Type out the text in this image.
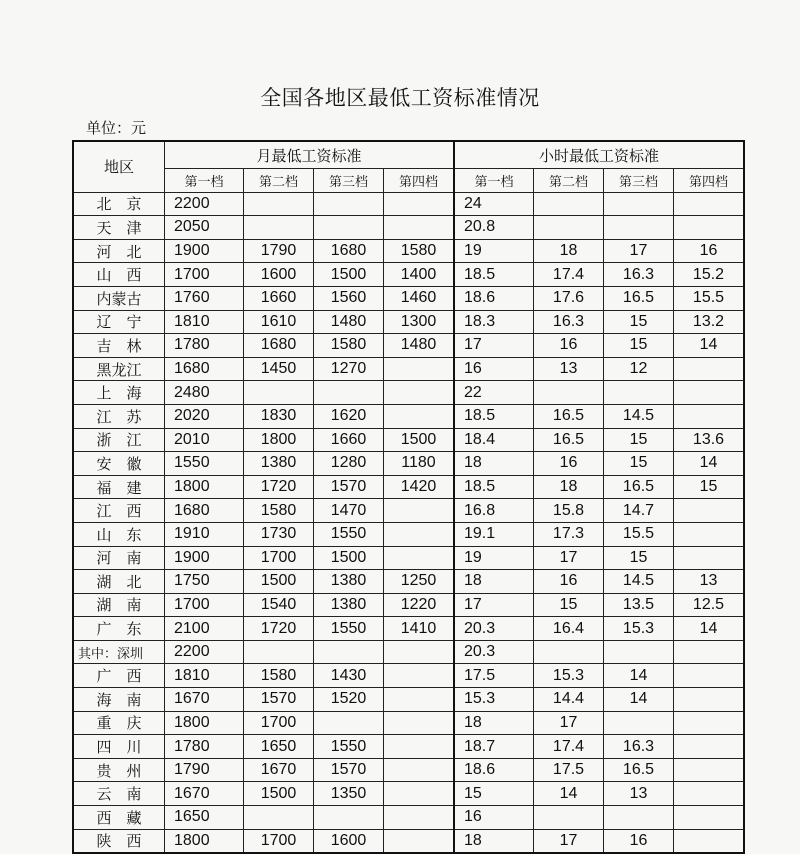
全国各地区最低工资标准情况
单位：元
地区	月最低工资标准				小时最低工资标准			
	第一档	第二档	第三档	第四档	第一档	第二档	第三档	第四档
北　京	2200				24			
天　津	2050				20.8			
河　北	1900	1790	1680	1580	19	18	17	16
山　西	1700	1600	1500	1400	18.5	17.4	16.3	15.2
内蒙古	1760	1660	1560	1460	18.6	17.6	16.5	15.5
辽　宁	1810	1610	1480	1300	18.3	16.3	15	13.2
吉　林	1780	1680	1580	1480	17	16	15	14
黑龙江	1680	1450	1270		16	13	12	
上　海	2480				22			
江　苏	2020	1830	1620		18.5	16.5	14.5	
浙　江	2010	1800	1660	1500	18.4	16.5	15	13.6
安　徽	1550	1380	1280	1180	18	16	15	14
福　建	1800	1720	1570	1420	18.5	18	16.5	15
江　西	1680	1580	1470		16.8	15.8	14.7	
山　东	1910	1730	1550		19.1	17.3	15.5	
河　南	1900	1700	1500		19	17	15	
湖　北	1750	1500	1380	1250	18	16	14.5	13
湖　南	1700	1540	1380	1220	17	15	13.5	12.5
广　东	2100	1720	1550	1410	20.3	16.4	15.3	14
其中：深圳	2200				20.3			
广　西	1810	1580	1430		17.5	15.3	14	
海　南	1670	1570	1520		15.3	14.4	14	
重　庆	1800	1700			18	17		
四　川	1780	1650	1550		18.7	17.4	16.3	
贵　州	1790	1670	1570		18.6	17.5	16.5	
云　南	1670	1500	1350		15	14	13	
西　藏	1650				16			
陕　西	1800	1700	1600		18	17	16	
